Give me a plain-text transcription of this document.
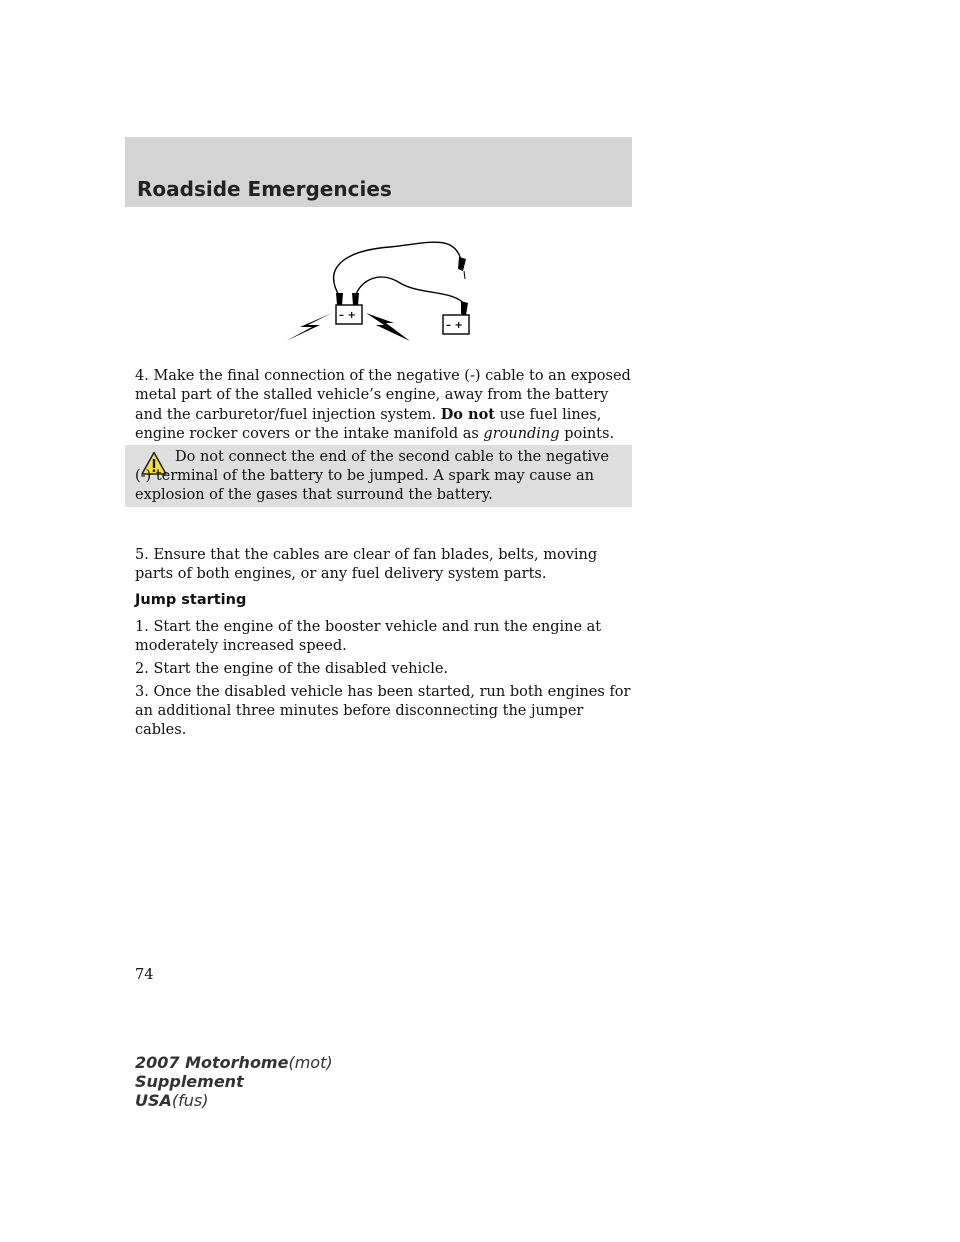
Roadside Emergencies
– +
– +

4. Make the final connection of the negative (-) cable to an exposed metal part of the stalled vehicle’s engine, away from the battery and the carburetor/fuel injection system. Do not use fuel lines, engine rocker covers or the intake manifold as grounding points.

Do not connect the end of the second cable to the negative (-) terminal of the battery to be jumped. A spark may cause an explosion of the gases that surround the battery.

5. Ensure that the cables are clear of fan blades, belts, moving parts of both engines, or any fuel delivery system parts.

Jump starting

1. Start the engine of the booster vehicle and run the engine at moderately increased speed.

2. Start the engine of the disabled vehicle.

3. Once the disabled vehicle has been started, run both engines for an additional three minutes before disconnecting the jumper cables.

74
2007 Motorhome(mot)
Supplement
USA(fus)
